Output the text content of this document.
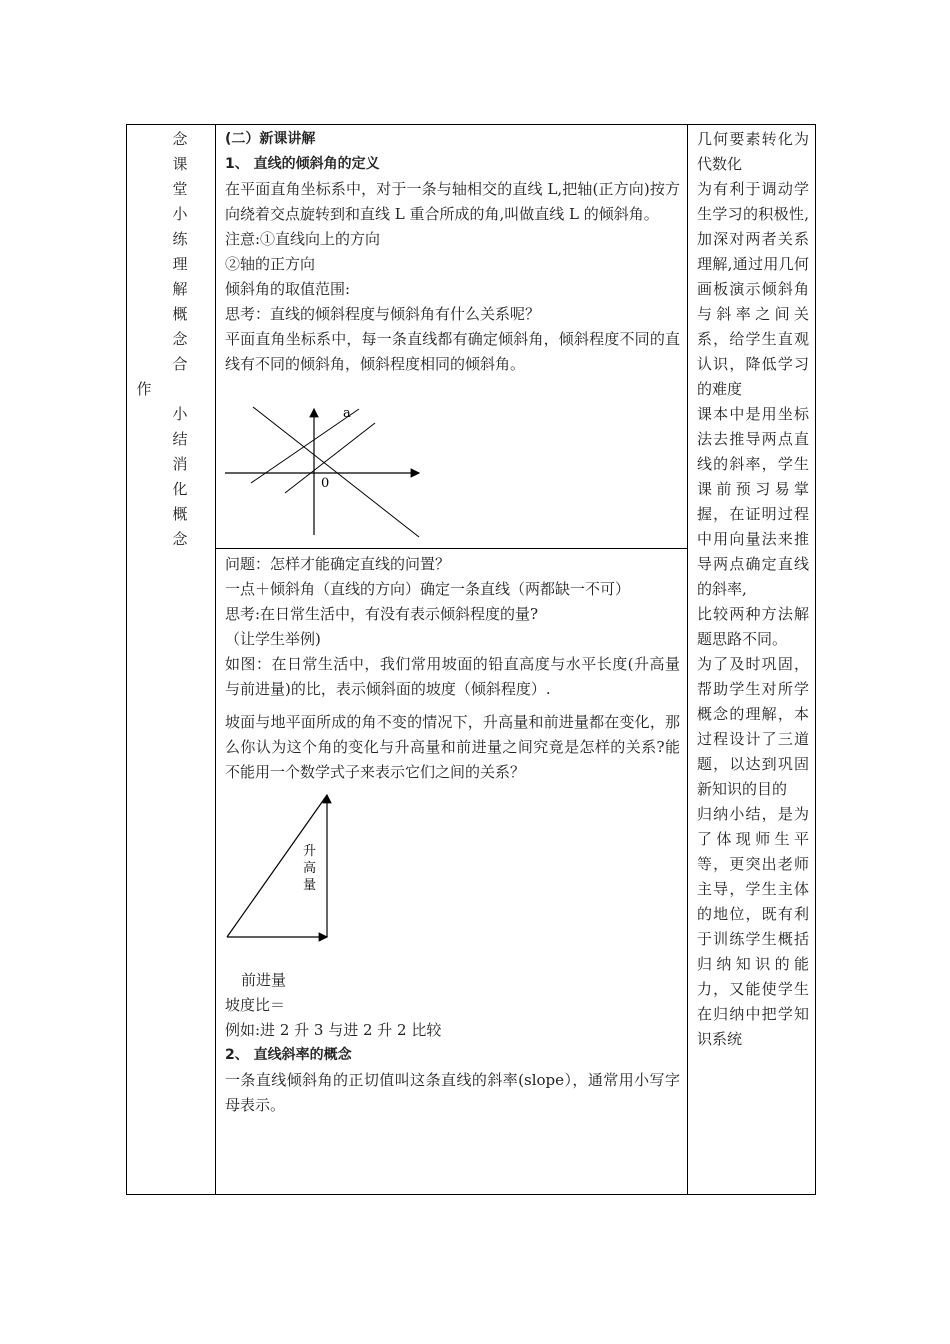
念
课
堂
小
练
理
解
概
念
合
作
小
结
消
化
概
念

(二）新课讲解

1、 直线的倾斜角的定义

在平面直角坐标系中，对于一条与轴相交的直线 L,把轴(正方向)按方向绕着交点旋转到和直线 L 重合所成的角,叫做直线 L 的倾斜角。

注意:①直线向上的方向

②轴的正方向

倾斜角的取值范围:

思考：直线的倾斜程度与倾斜角有什么关系呢？

平面直角坐标系中，每一条直线都有确定倾斜角，倾斜程度不同的直线有不同的倾斜角，倾斜程度相同的倾斜角。

a
0

问题：怎样才能确定直线的问置？

一点＋倾斜角（直线的方向）确定一条直线（两都缺一不可）

思考:在日常生活中，有没有表示倾斜程度的量?

（让学生举例)

如图：在日常生活中，我们常用坡面的铅直高度与水平长度(升高量与前进量)的比，表示倾斜面的坡度（倾斜程度）.

坡面与地平面所成的角不变的情况下，升高量和前进量都在变化，那么你认为这个角的变化与升高量和前进量之间究竟是怎样的关系?能不能用一个数学式子来表示它们之间的关系？

升
高
量

前进量

坡度比＝

例如:进 2 升 3 与进 2 升 2 比较

2、 直线斜率的概念

一条直线倾斜角的正切值叫这条直线的斜率(slope），通常用小写字母表示。

几何要素转化为代数化

为有利于调动学生学习的积极性,加深对两者关系理解,通过用几何画板演示倾斜角与斜率之间关系，给学生直观认识，降低学习的难度

课本中是用坐标法去推导两点直线的斜率，学生课前预习易掌握，在证明过程中用向量法来推导两点确定直线的斜率,

比较两种方法解题思路不同。

为了及时巩固，帮助学生对所学概念的理解，本过程设计了三道题，以达到巩固新知识的目的

归纳小结，是为了体现师生平等，更突出老师主导，学生主体的地位，既有利于训练学生概括归纳知识的能力，又能使学生在归纳中把学知识系统
